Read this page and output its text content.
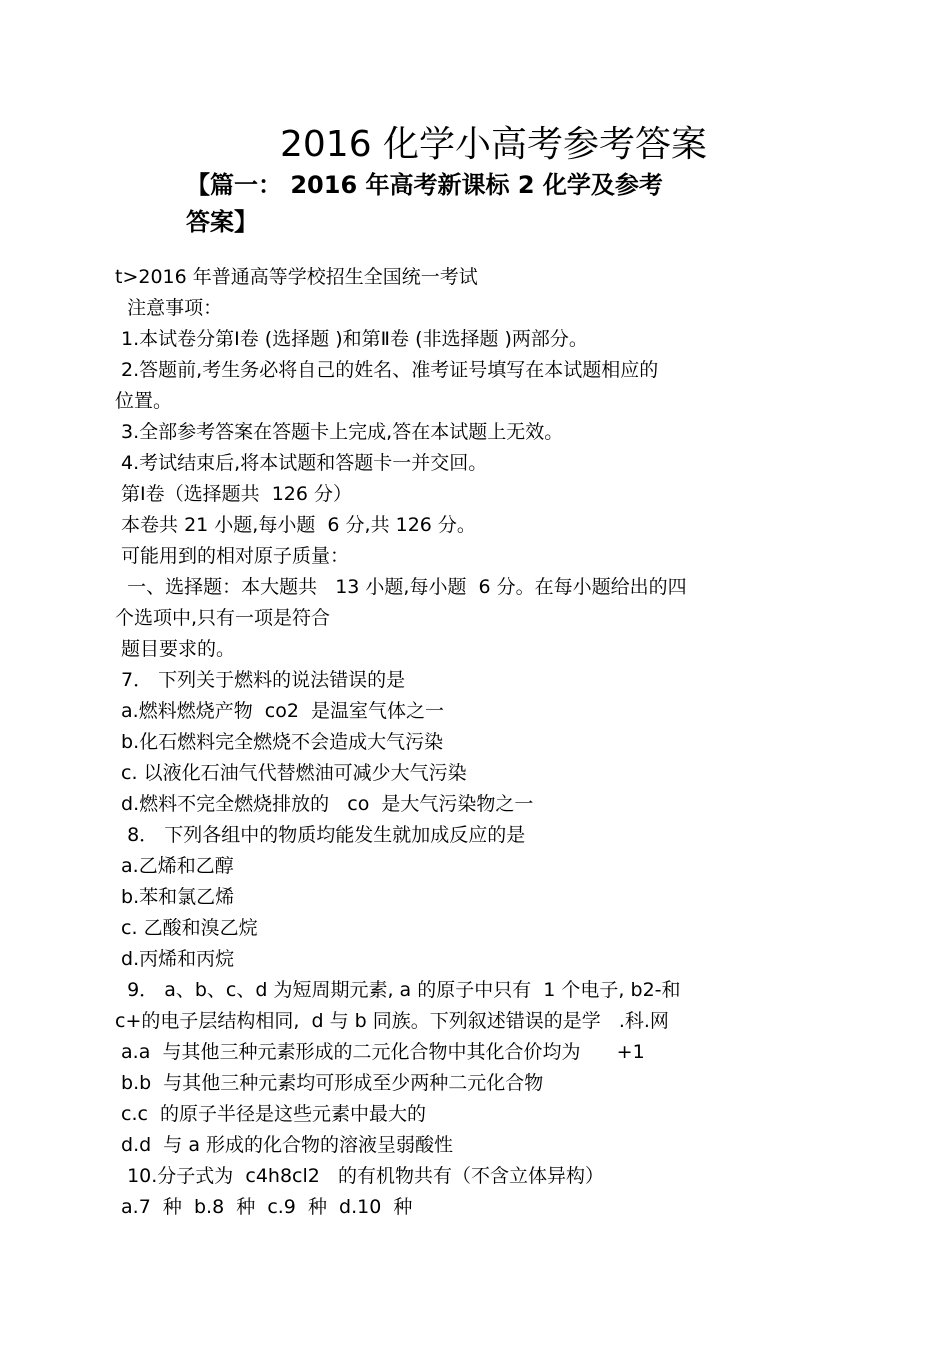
2016 化学小高考参考答案
【篇一： 2016 年高考新课标 2 化学及参考
答案】
t>2016 年普通高等学校招生全国统一考试
注意事项：
1.本试卷分第Ⅰ卷 (选择题 )和第Ⅱ卷 (非选择题 )两部分。
2.答题前,考生务必将自己的姓名、准考证号填写在本试题相应的
位置。
3.全部参考答案在答题卡上完成,答在本试题上无效。
4.考试结束后,将本试题和答题卡一并交回。
第Ⅰ卷（选择题共  126 分）
本卷共 21 小题,每小题  6 分,共 126 分。
可能用到的相对原子质量：
一、选择题：本大题共   13 小题,每小题  6 分。在每小题给出的四
个选项中,只有一项是符合
题目要求的。
7． 下列关于燃料的说法错误的是
a.燃料燃烧产物  co2  是温室气体之一
b.化石燃料完全燃烧不会造成大气污染
c. 以液化石油气代替燃油可减少大气污染
d.燃料不完全燃烧排放的   co  是大气污染物之一
8． 下列各组中的物质均能发生就加成反应的是
a.乙烯和乙醇
b.苯和氯乙烯
c. 乙酸和溴乙烷
d.丙烯和丙烷
9． a、b、c、d 为短周期元素, a 的原子中只有  1 个电子, b2-和
c+的电子层结构相同,  d 与 b 同族。下列叙述错误的是学   .科.网
a.a  与其他三种元素形成的二元化合物中其化合价均为      +1
b.b  与其他三种元素均可形成至少两种二元化合物
c.c  的原子半径是这些元素中最大的
d.d  与 a 形成的化合物的溶液呈弱酸性
10.分子式为  c4h8cl2   的有机物共有（不含立体异构）
a.7  种  b.8  种  c.9  种  d.10  种
